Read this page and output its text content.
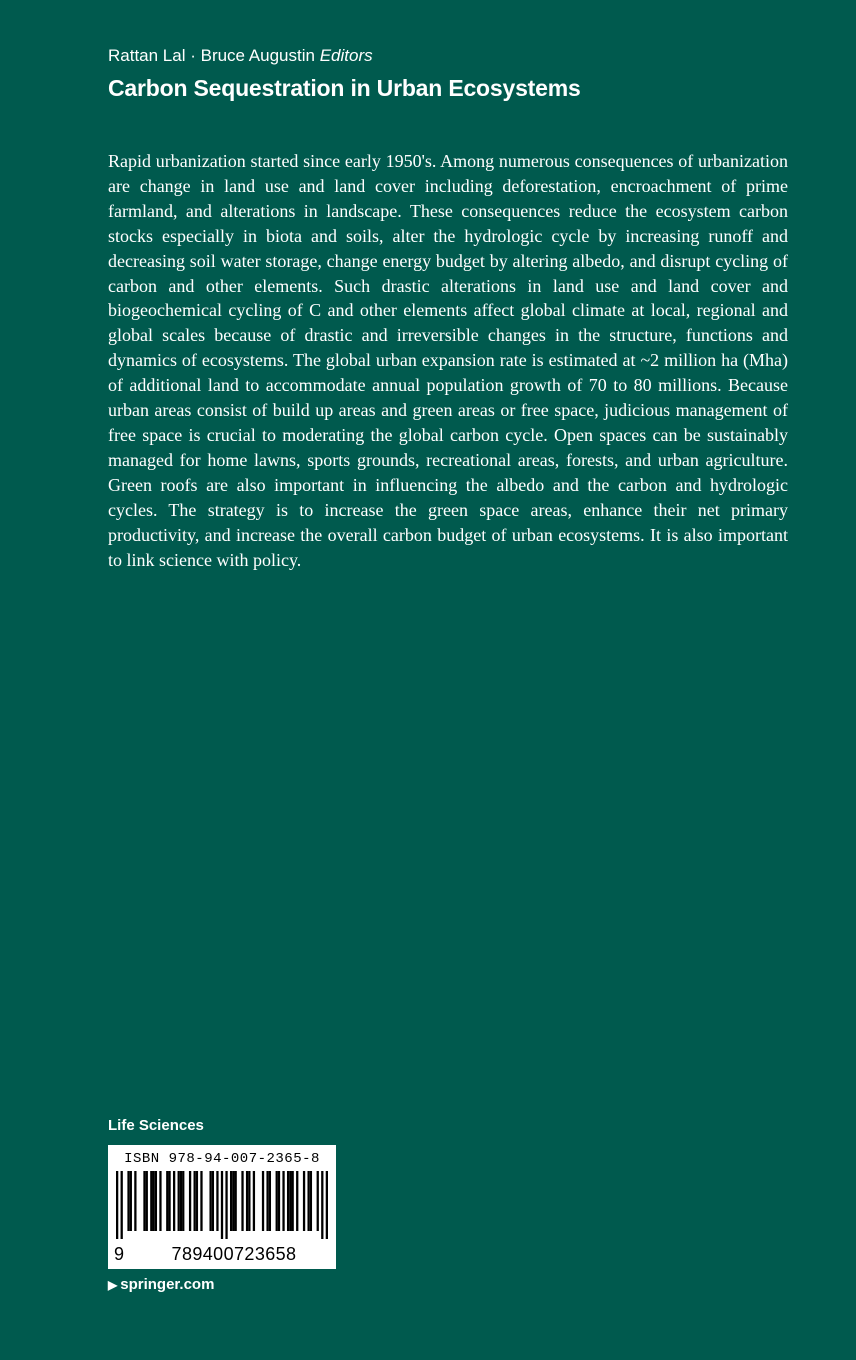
Rattan Lal · Bruce Augustin Editors
Carbon Sequestration in Urban Ecosystems

Rapid urbanization started since early 1950's. Among numerous consequences of urbanization are change in land use and land cover including deforestation, encroachment of prime farmland, and alterations in landscape. These consequences reduce the ecosystem carbon stocks especially in biota and soils, alter the hydrologic cycle by increasing runoff and decreasing soil water storage, change energy budget by altering albedo, and disrupt cycling of carbon and other elements. Such drastic alterations in land use and land cover and biogeochemical cycling of C and other elements affect global climate at local, regional and global scales because of drastic and irreversible changes in the structure, functions and dynamics of ecosystems. The global urban expansion rate is estimated at ~2 million ha (Mha) of additional land to accommodate annual population growth of 70 to 80 millions. Because urban areas consist of build up areas and green areas or free space, judicious management of free space is crucial to moderating the global carbon cycle. Open spaces can be sustainably managed for home lawns, sports grounds, recreational areas, forests, and urban agriculture. Green roofs are also important in influencing the albedo and the carbon and hydrologic cycles. The strategy is to increase the green space areas, enhance their net primary productivity, and increase the overall carbon budget of urban ecosystems. It is also important to link science with policy.

Life Sciences
ISBN 978-94-007-2365-8
9	789400723658
▶ springer.com
